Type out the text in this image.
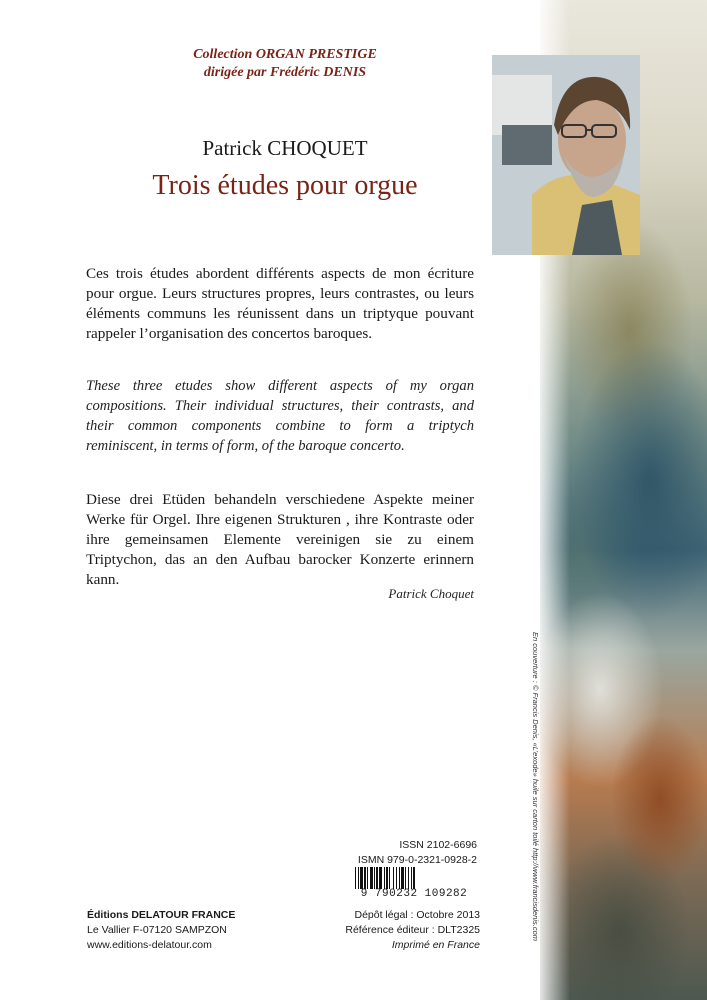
Collection ORGAN PRESTIGE
dirigée par Frédéric DENIS
Patrick CHOQUET
Trois études pour orgue
Ces trois études abordent différents aspects de mon écriture pour orgue. Leurs structures propres, leurs contrastes, ou leurs éléments communs les réunissent dans un triptyque pouvant rappeler l’organisation des concertos baroques.
These three etudes show different aspects of my organ compositions. Their individual structures, their contrasts, and their common components combine to form a triptych reminiscent, in terms of form, of the baroque concerto.
Diese drei Etüden behandeln verschiedene Aspekte meiner Werke für Orgel. Ihre eigenen Strukturen , ihre Kontraste oder ihre gemeinsamen Elemente vereinigen sie zu einem Triptychon, das an den Aufbau barocker Konzerte erinnern kann.
Patrick Choquet
ISSN 2102-6696
ISMN 979-0-2321-0928-2
9 790232 109282
Éditions DELATOUR FRANCE
Le Vallier F-07120 SAMPZON
www.editions-delatour.com
Dépôt légal : Octobre 2013
Référence éditeur : DLT2325
Imprimé en France
En couverture : © Francis Denis, «L’exode» huile sur carton toilé http://www.francisdenis.com
